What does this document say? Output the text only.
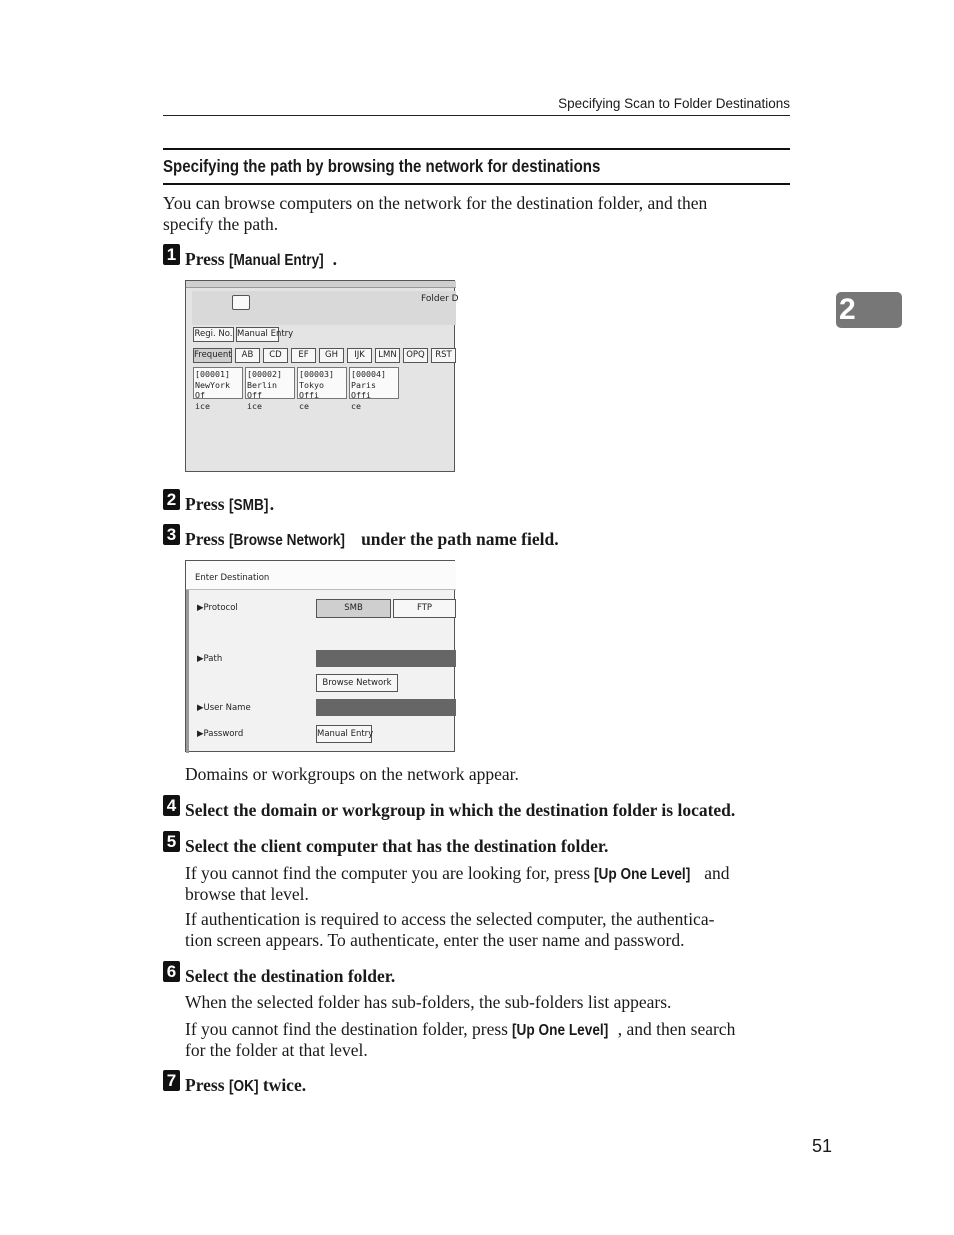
Specifying Scan to Folder Destinations
Specifying the path by browsing the network for destinations
You can browse computers on the network for the destination folder, and then
specify the path.
2
1 Press [Manual Entry] .
Folder D
Regi. No. Manual Entry
Frequent	AB	CD	EF	GH	IJK	LMN	OPQ	RST
[00001]
NewYork Of
ice
[00002]
Berlin Off
ice
[00003]
Tokyo Offi
ce
[00004]
Paris Offi
ce
2 Press [SMB].
3 Press [Browse Network] under the path name field.
Enter Destination
▶Protocol	SMB	FTP
▶Path
Browse Network
▶User Name
▶Password	Manual Entry
Domains or workgroups on the network appear.
4 Select the domain or workgroup in which the destination folder is located.
5 Select the client computer that has the destination folder.
If you cannot find the computer you are looking for, press [Up One Level] and
browse that level.
If authentication is required to access the selected computer, the authentica-
tion screen appears. To authenticate, enter the user name and password.
6 Select the destination folder.
When the selected folder has sub-folders, the sub-folders list appears.
If you cannot find the destination folder, press [Up One Level] , and then search
for the folder at that level.
7 Press [OK] twice.
51
